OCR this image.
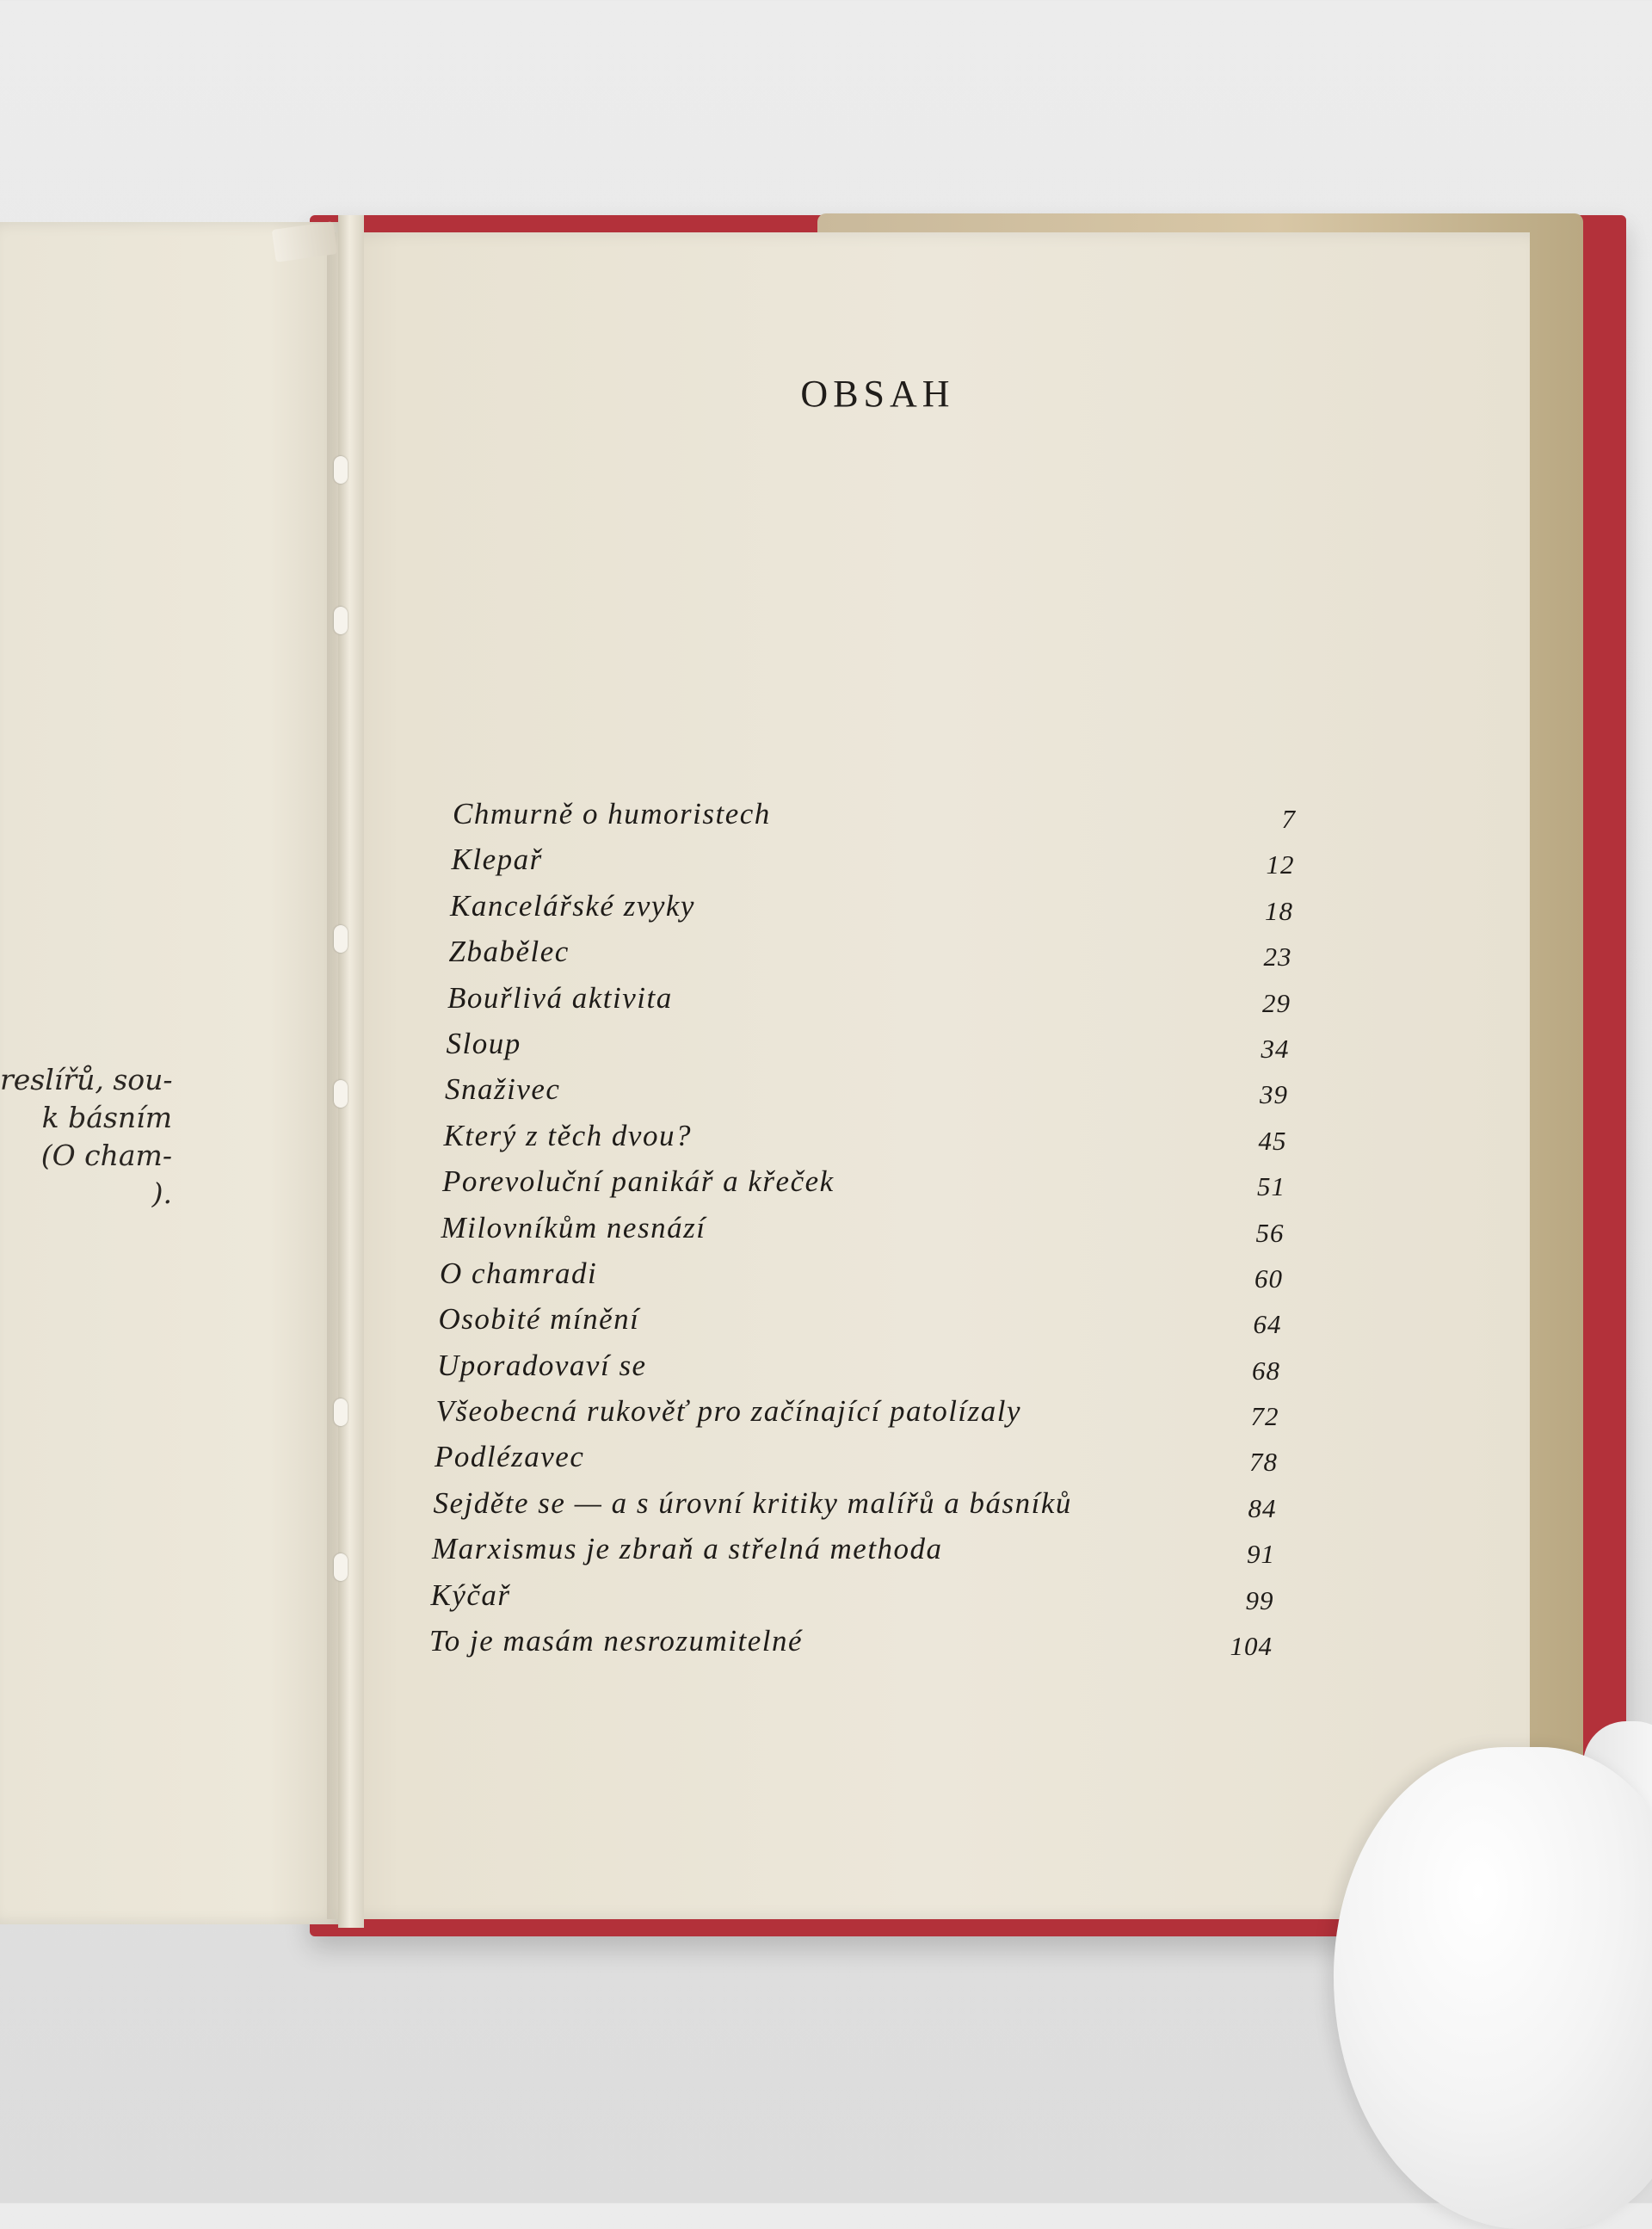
reslířů, sou-
k básním
(O cham-
).
OBSAH
Chmurně o humoristech	7
Klepař	12
Kancelářské zvyky	18
Zbabělec	23
Bouřlivá aktivita	29
Sloup	34
Snaživec	39
Který z těch dvou?	45
Porevoluční panikář a křeček	51
Milovníkům nesnází	56
O chamradi	60
Osobité mínění	64
Uporadovaví se	68
Všeobecná rukověť pro začínající patolízaly	72
Podlézavec	78
Sejděte se — a s úrovní kritiky malířů a básníků	84
Marxismus je zbraň a střelná methoda	91
Kýčař	99
To je masám nesrozumitelné	104
